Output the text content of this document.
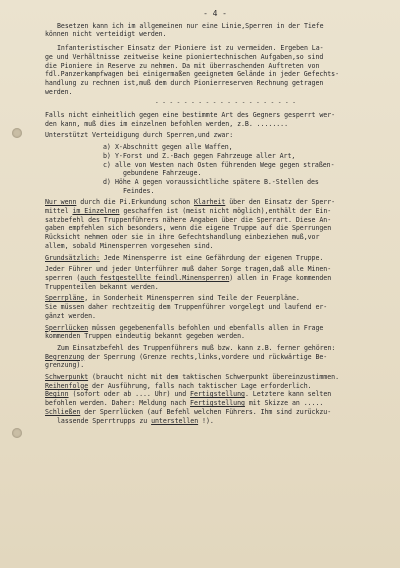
- 4 -

Besetzen kann ich im allgemeinen nur eine Linie,Sperren in der Tiefe

können nicht verteidigt werden.

Infanteristischer Einsatz der Pioniere ist zu vermeiden. Ergeben La-

ge und Verhältnisse zeitweise keine pioniertechnischen Aufgaben,so sind

die Pioniere in Reserve zu nehmen. Da mit überraschenden Auftreten von

fdl.Panzerkampfwagen bei einigermaßen geeignetem Gelände in jeder Gefechts-

handlung zu rechnen ist,muß dem durch Pionierreserven Rechnung getragen

werden.

- - - - - - - - - - - - - - - - - - - -

Falls nicht einheitlich gegen eine bestimmte Art des Gegners gesperrt wer-

den kann, muß dies im einzelnen befohlen werden, z.B. ........

Unterstützt Verteidigung durch Sperren,und zwar:

a) X-Abschnitt gegen alle Waffen,
b) Y-Forst und Z.-Bach gegen Fahrzeuge aller Art,
c) alle von Westen nach Osten führenden Wege gegen straßen-
gebundene Fahrzeuge.
d) Höhe A gegen voraussichtliche spätere B.-Stellen des
Feindes.

Nur wenn durch die Pi.Erkundung schon Klarheit über den Einsatz der Sperr-

mittel im Einzelnen geschaffen ist (meist nicht möglich),enthält der Ein-

satzbefehl des Truppenführers nähere Angaben über die Sperrart. Diese An-

gaben empfehlen sich besonders, wenn die eigene Truppe auf die Sperrungen

Rücksicht nehmen oder sie in ihre Gefechtshandlung einbeziehen muß,vor

allem, sobald Minensperren vorgesehen sind.

Grundsätzlich: Jede Minensperre ist eine Gefährdung der eigenen Truppe.

Jeder Führer und jeder Unterführer muß daher Sorge tragen,daß alle Minen-

sperren (auch festgestellte feindl.Minensperren) allen in Frage kommenden

Truppenteilen bekannt werden.

Sperrpläne, in Sonderheit Minensperren sind Teile der Feuerpläne.

Sie müssen daher rechtzeitig dem Truppenführer vorgelegt und laufend er-

gänzt werden.

Sperrlücken müssen gegebenenfalls befohlen und ebenfalls allen in Frage

kommenden Truppen eindeutig bekannt gegeben werden.

Zum Einsatzbefehl des Truppenführers muß bzw. kann z.B. ferner gehören:

Begrenzung der Sperrung (Grenze rechts,links,vordere und rückwärtige Be-

grenzung).

Schwerpunkt (braucht nicht mit dem taktischen Schwerpunkt übereinzustimmen.

Reihenfolge der Ausführung, falls nach taktischer Lage erforderlich.

Beginn (sofort oder ab .... Uhr) und Fertigstellung. Letztere kann selten

befohlen werden. Daher: Meldung nach Fertigstellung mit Skizze an .....

Schließen der Sperrlücken (auf Befehl welchen Führers. Ihm sind zurückzu-

lassende Sperrtrupps zu unterstellen !).
